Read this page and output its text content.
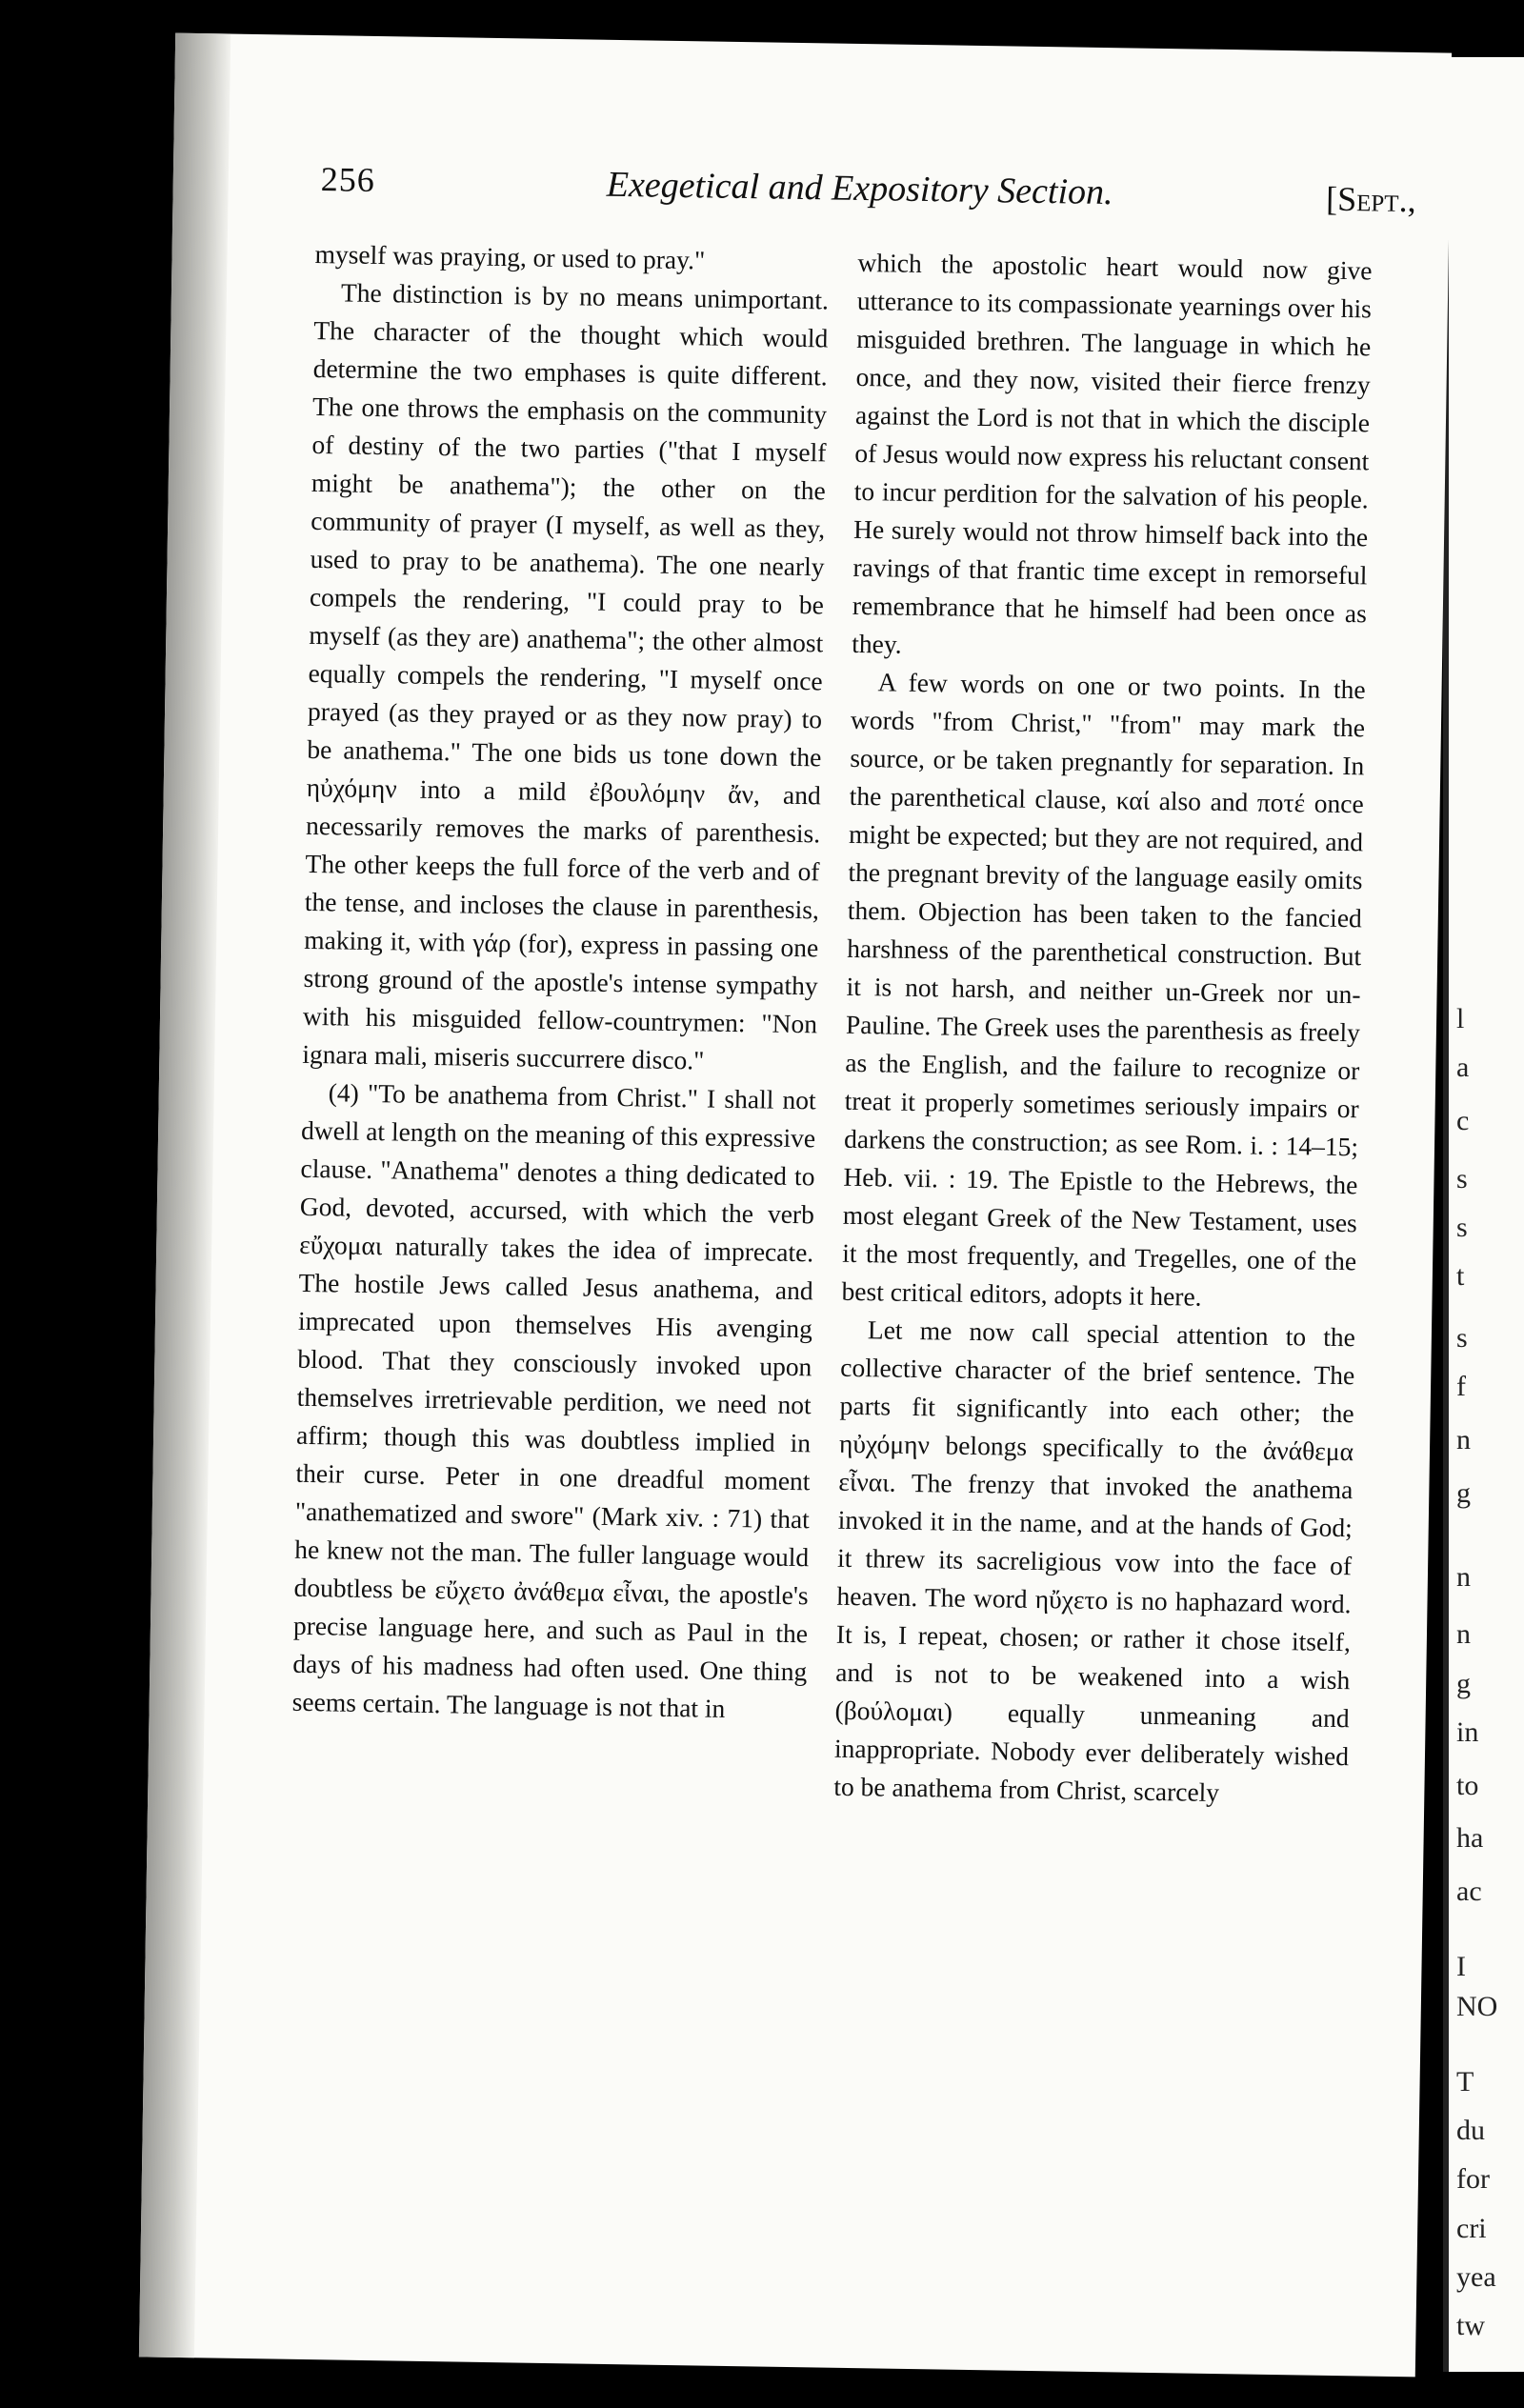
l
a
c
s
s
t
s
f
n
g
n
n
g
in
to
ha
ac
I
NO
T
du
for
cri
yea
tw
256	Exegetical and Expository Section.	[Sept.,

myself was praying, or used to pray."

The distinction is by no means unimportant. The character of the thought which would determine the two emphases is quite different. The one throws the emphasis on the community of destiny of the two parties ("that I myself might be anathema"); the other on the community of prayer (I myself, as well as they, used to pray to be anathema). The one nearly compels the rendering, "I could pray to be myself (as they are) anathema"; the other almost equally compels the rendering, "I myself once prayed (as they prayed or as they now pray) to be anathema." The one bids us tone down the ηὐχόμην into a mild ἐβουλόμην ἄν, and necessarily removes the marks of parenthesis. The other keeps the full force of the verb and of the tense, and incloses the clause in parenthesis, making it, with γάρ (for), express in passing one strong ground of the apostle's intense sympathy with his misguided fellow-countrymen: "Non ignara mali, miseris succurrere disco."

(4) "To be anathema from Christ." I shall not dwell at length on the meaning of this expressive clause. "Anathema" denotes a thing dedicated to God, devoted, accursed, with which the verb εὔχομαι naturally takes the idea of imprecate. The hostile Jews called Jesus anathema, and imprecated upon themselves His avenging blood. That they consciously invoked upon themselves irretrievable perdition, we need not affirm; though this was doubtless implied in their curse. Peter in one dreadful moment "anathematized and swore" (Mark xiv. : 71) that he knew not the man. The fuller language would doubtless be εὔχετο ἀνάθεμα εἶναι, the apostle's precise language here, and such as Paul in the days of his madness had often used. One thing seems certain. The language is not that in

which the apostolic heart would now give utterance to its compassionate yearnings over his misguided brethren. The language in which he once, and they now, visited their fierce frenzy against the Lord is not that in which the disciple of Jesus would now express his reluctant consent to incur perdition for the salvation of his people. He surely would not throw himself back into the ravings of that frantic time except in remorseful remembrance that he himself had been once as they.

A few words on one or two points. In the words "from Christ," "from" may mark the source, or be taken pregnantly for separation. In the parenthetical clause, καί also and ποτέ once might be expected; but they are not required, and the pregnant brevity of the language easily omits them. Objection has been taken to the fancied harshness of the parenthetical construction. But it is not harsh, and neither un-Greek nor un-Pauline. The Greek uses the parenthesis as freely as the English, and the failure to recognize or treat it properly sometimes seriously impairs or darkens the construction; as see Rom. i. : 14–15; Heb. vii. : 19. The Epistle to the Hebrews, the most elegant Greek of the New Testament, uses it the most frequently, and Tregelles, one of the best critical editors, adopts it here.

Let me now call special attention to the collective character of the brief sentence. The parts fit significantly into each other; the ηὐχόμην belongs specifically to the ἀνάθεμα εἶναι. The frenzy that invoked the anathema invoked it in the name, and at the hands of God; it threw its sacreligious vow into the face of heaven. The word ηὔχετο is no haphazard word. It is, I repeat, chosen; or rather it chose itself, and is not to be weakened into a wish (βούλομαι) equally unmeaning and inappropriate. Nobody ever deliberately wished to be anathema from Christ, scarcely
